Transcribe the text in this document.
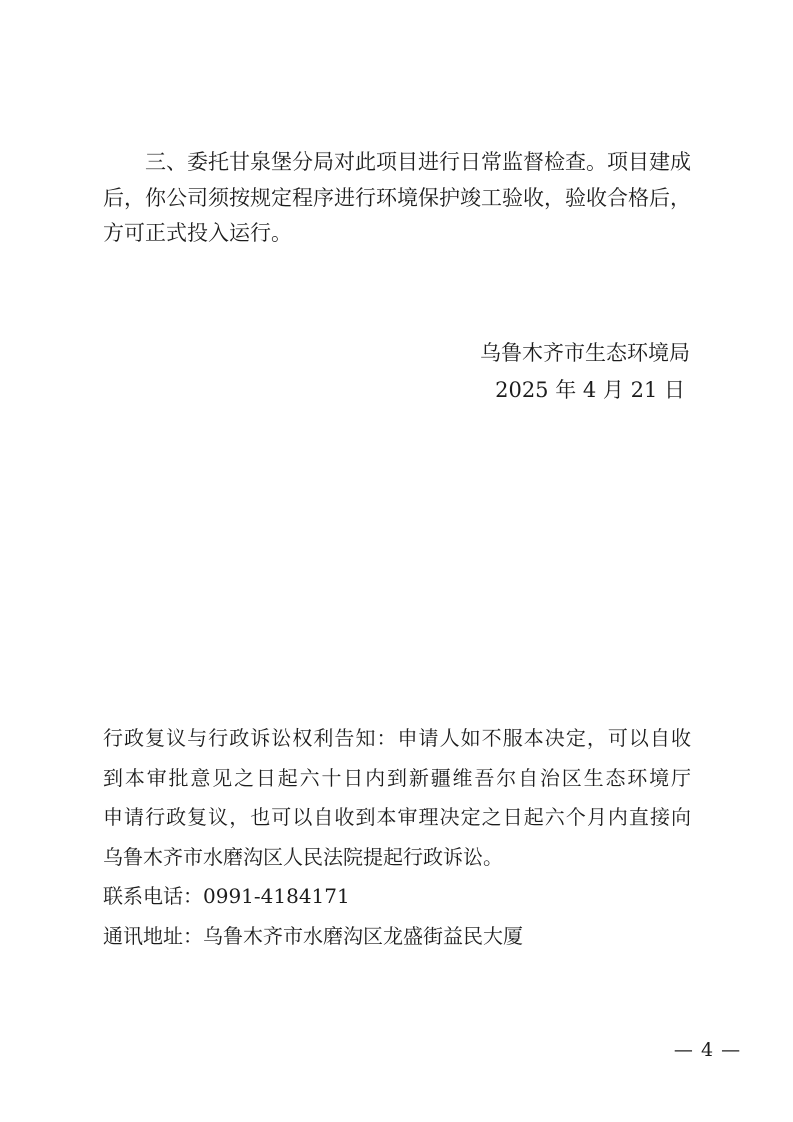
三、委托甘泉堡分局对此项目进行日常监督检查。项目建成
后，你公司须按规定程序进行环境保护竣工验收，验收合格后，
方可正式投入运行。
乌鲁木齐市生态环境局
2025 年 4 月 21 日
行政复议与行政诉讼权利告知：申请人如不服本决定，可以自收
到本审批意见之日起六十日内到新疆维吾尔自治区生态环境厅
申请行政复议，也可以自收到本审理决定之日起六个月内直接向
乌鲁木齐市水磨沟区人民法院提起行政诉讼。
联系电话：0991-4184171
通讯地址：乌鲁木齐市水磨沟区龙盛街益民大厦
— 4 —
